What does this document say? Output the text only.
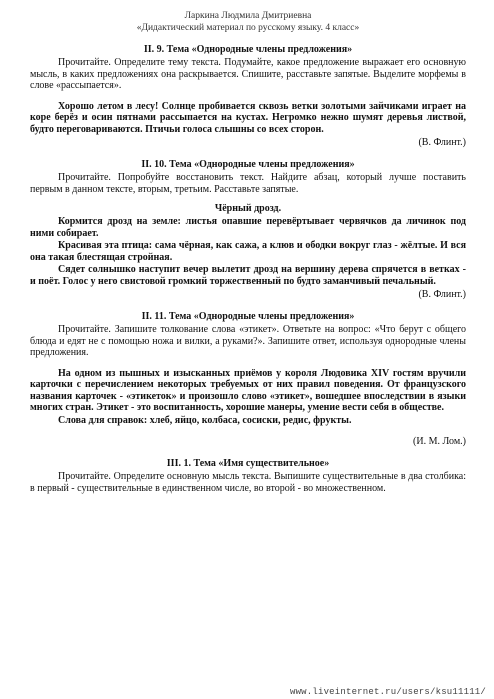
Ларкина Людмила Дмитриевна
«Дидактический материал по русскому языку. 4 класс»
II. 9. Тема «Однородные члены предложения»

Прочитайте. Определите тему текста. Подумайте, какое предложение выражает его основную мысль, в каких предложениях она раскрывается. Спишите, расставьте запятые. Выделите морфемы в слове «рассыпается».

Хорошо летом в лесу! Солнце пробивается сквозь ветки золотыми зайчиками играет на коре берёз и осин пятнами рассыпается на кустах. Негромко нежно шумят деревья листвой, будто переговариваются. Птичьи голоса слышны со всех сторон.

(В. Флинт.)
II. 10. Тема «Однородные члены предложения»

Прочитайте. Попробуйте восстановить текст. Найдите абзац, который лучше поставить первым в данном тексте, вторым, третьим. Расставьте запятые.

Чёрный дрозд.

Кормится дрозд на земле: листья опавшие перевёртывает червячков да личинок под ними собирает.

Красивая эта птица: сама чёрная, как сажа, а клюв и ободки вокруг глаз - жёлтые. И вся она такая блестящая стройная.

Сядет солнышко наступит вечер вылетит дрозд на вершину дерева спрячется в ветках - и поёт. Голос у него свистовой громкий торжественный по будто заманчивый печальный.

(В. Флинт.)
II. 11. Тема «Однородные члены предложения»

Прочитайте. Запишите толкование слова «этикет». Ответьте на вопрос: «Что берут с общего блюда и едят не с помощью ножа и вилки, а руками?». Запишите ответ, используя однородные члены предложения.

На одном из пышных и изысканных приёмов у короля Людовика XIV гостям вручили карточки с перечислением некоторых требуемых от них правил поведения. От французского названия карточек - «этикеток» и произошло слово «этикет», вошедшее впоследствии в языки многих стран. Этикет - это воспитанность, хорошие манеры, умение вести себя в обществе.

Слова для справок: хлеб, яйцо, колбаса, сосиски, редис, фрукты.

(И. М. Лом.)
III. 1. Тема «Имя существительное»

Прочитайте. Определите основную мысль текста. Выпишите существительные в два столбика: в первый - существительные в единственном числе, во второй - во множественном.

www.liveinternet.ru/users/ksu11111/
